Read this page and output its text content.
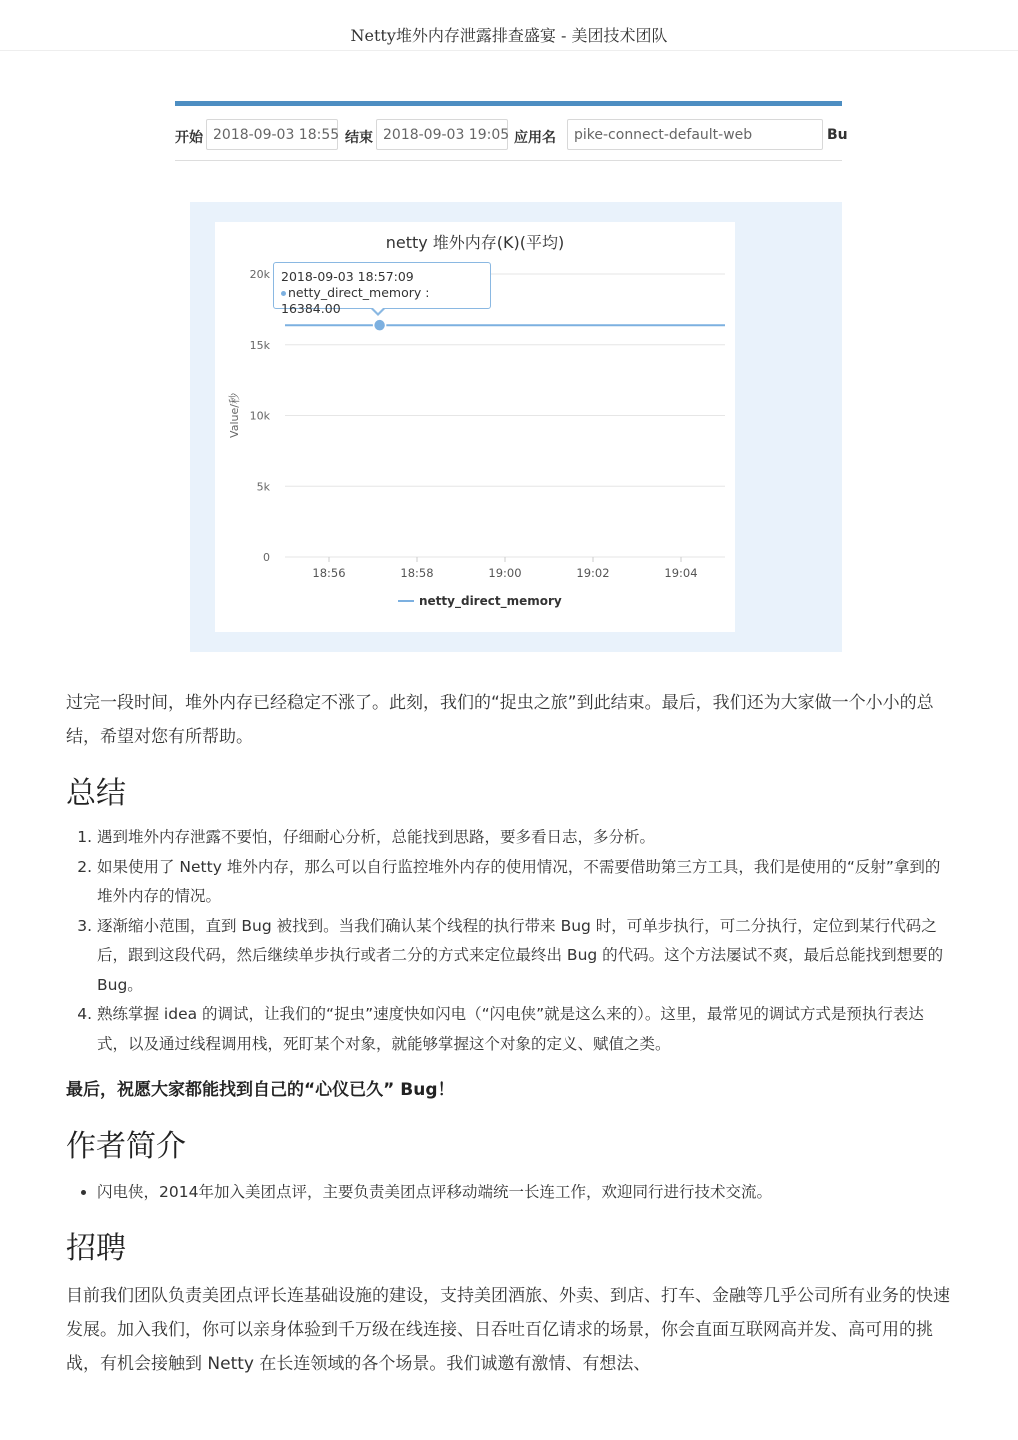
Netty堆外内存泄露排查盛宴 - 美团技术团队
开始 2018-09-03 18:55 结束 2018-09-03 19:05 应用名	pike-connect-default-web	Bu
netty 堆外内存(K)(平均)
0
5k
10k
15k
20k
Value/秒
18:56	18:58	19:00	19:02	19:04
netty_direct_memory
2018-09-03 18:57:09
netty_direct_memory : 16384.00

过完一段时间，堆外内存已经稳定不涨了。此刻，我们的“捉虫之旅”到此结束。最后，我们还为大家做一个小小的总结，希望对您有所帮助。

总结
1. 遇到堆外内存泄露不要怕，仔细耐心分析，总能找到思路，要多看日志，多分析。
2. 如果使用了 Netty 堆外内存，那么可以自行监控堆外内存的使用情况，不需要借助第三方工具，我们是使用的“反射”拿到的堆外内存的情况。
3. 逐渐缩小范围，直到 Bug 被找到。当我们确认某个线程的执行带来 Bug 时，可单步执行，可二分执行，定位到某行代码之后，跟到这段代码，然后继续单步执行或者二分的方式来定位最终出 Bug 的代码。这个方法屡试不爽，最后总能找到想要的 Bug。
4. 熟练掌握 idea 的调试，让我们的“捉虫”速度快如闪电（“闪电侠”就是这么来的）。这里，最常见的调试方式是预执行表达式，以及通过线程调用栈，死盯某个对象，就能够掌握这个对象的定义、赋值之类。

最后，祝愿大家都能找到自己的“心仪已久” Bug！

作者简介
• 闪电侠，2014年加入美团点评，主要负责美团点评移动端统一长连工作，欢迎同行进行技术交流。
招聘

目前我们团队负责美团点评长连基础设施的建设，支持美团酒旅、外卖、到店、打车、金融等几乎公司所有业务的快速发展。加入我们，你可以亲身体验到千万级在线连接、日吞吐百亿请求的场景，你会直面互联网高并发、高可用的挑战，有机会接触到 Netty 在长连领域的各个场景。我们诚邀有激情、有想法、
